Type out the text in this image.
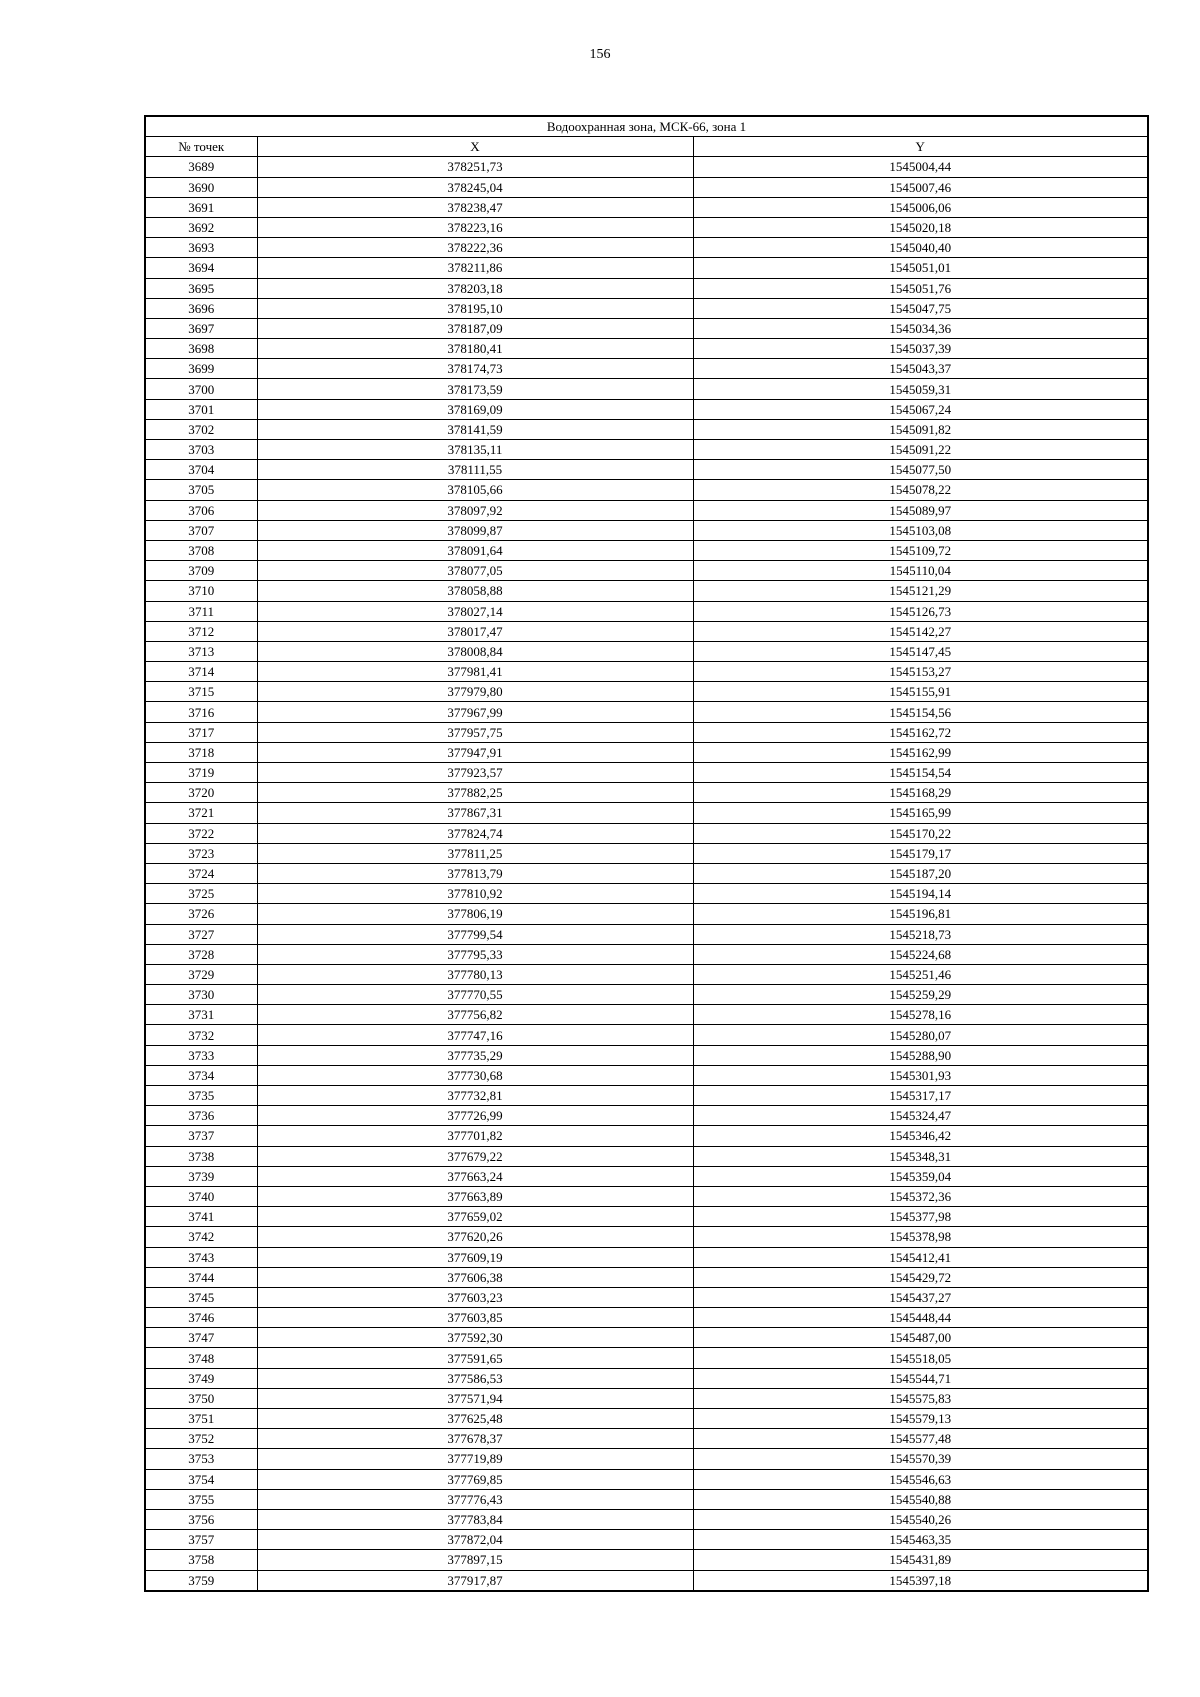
156
Водоохранная зона, МСК-66, зона 1		
№ точек	X	Y
3689	378251,73	1545004,44
3690	378245,04	1545007,46
3691	378238,47	1545006,06
3692	378223,16	1545020,18
3693	378222,36	1545040,40
3694	378211,86	1545051,01
3695	378203,18	1545051,76
3696	378195,10	1545047,75
3697	378187,09	1545034,36
3698	378180,41	1545037,39
3699	378174,73	1545043,37
3700	378173,59	1545059,31
3701	378169,09	1545067,24
3702	378141,59	1545091,82
3703	378135,11	1545091,22
3704	378111,55	1545077,50
3705	378105,66	1545078,22
3706	378097,92	1545089,97
3707	378099,87	1545103,08
3708	378091,64	1545109,72
3709	378077,05	1545110,04
3710	378058,88	1545121,29
3711	378027,14	1545126,73
3712	378017,47	1545142,27
3713	378008,84	1545147,45
3714	377981,41	1545153,27
3715	377979,80	1545155,91
3716	377967,99	1545154,56
3717	377957,75	1545162,72
3718	377947,91	1545162,99
3719	377923,57	1545154,54
3720	377882,25	1545168,29
3721	377867,31	1545165,99
3722	377824,74	1545170,22
3723	377811,25	1545179,17
3724	377813,79	1545187,20
3725	377810,92	1545194,14
3726	377806,19	1545196,81
3727	377799,54	1545218,73
3728	377795,33	1545224,68
3729	377780,13	1545251,46
3730	377770,55	1545259,29
3731	377756,82	1545278,16
3732	377747,16	1545280,07
3733	377735,29	1545288,90
3734	377730,68	1545301,93
3735	377732,81	1545317,17
3736	377726,99	1545324,47
3737	377701,82	1545346,42
3738	377679,22	1545348,31
3739	377663,24	1545359,04
3740	377663,89	1545372,36
3741	377659,02	1545377,98
3742	377620,26	1545378,98
3743	377609,19	1545412,41
3744	377606,38	1545429,72
3745	377603,23	1545437,27
3746	377603,85	1545448,44
3747	377592,30	1545487,00
3748	377591,65	1545518,05
3749	377586,53	1545544,71
3750	377571,94	1545575,83
3751	377625,48	1545579,13
3752	377678,37	1545577,48
3753	377719,89	1545570,39
3754	377769,85	1545546,63
3755	377776,43	1545540,88
3756	377783,84	1545540,26
3757	377872,04	1545463,35
3758	377897,15	1545431,89
3759	377917,87	1545397,18
